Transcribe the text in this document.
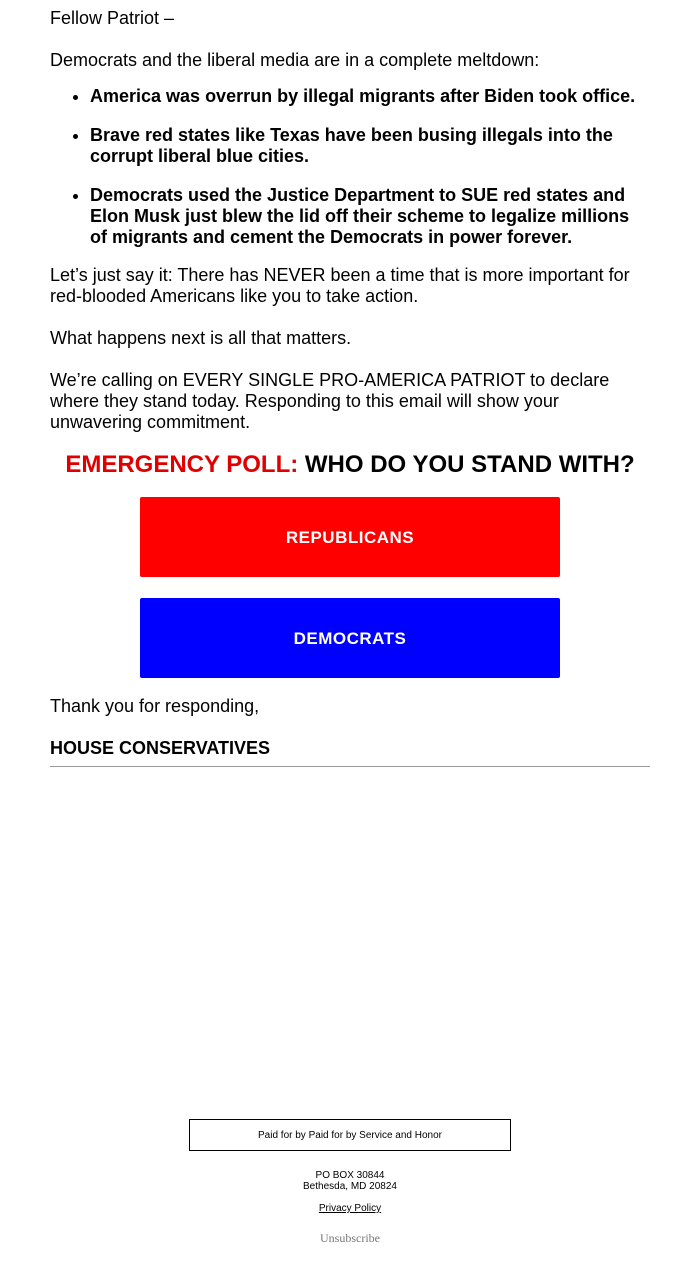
Fellow Patriot –

Democrats and the liberal media are in a complete meltdown:

• America was overrun by illegal migrants after Biden took office.
• Brave red states like Texas have been busing illegals into the corrupt liberal blue cities.
• Democrats used the Justice Department to SUE red states and Elon Musk just blew the lid off their scheme to legalize millions of migrants and cement the Democrats in power forever.

Let’s just say it: There has NEVER been a time that is more important for red-blooded Americans like you to take action.

What happens next is all that matters.

We’re calling on EVERY SINGLE PRO-AMERICA PATRIOT to declare where they stand today. Responding to this email will show your unwavering commitment.

EMERGENCY POLL: WHO DO YOU STAND WITH?
REPUBLICANS
DEMOCRATS

Thank you for responding,

HOUSE CONSERVATIVES

Paid for by Paid for by Service and Honor
PO BOX 30844
Bethesda, MD 20824
Privacy Policy
Unsubscribe
